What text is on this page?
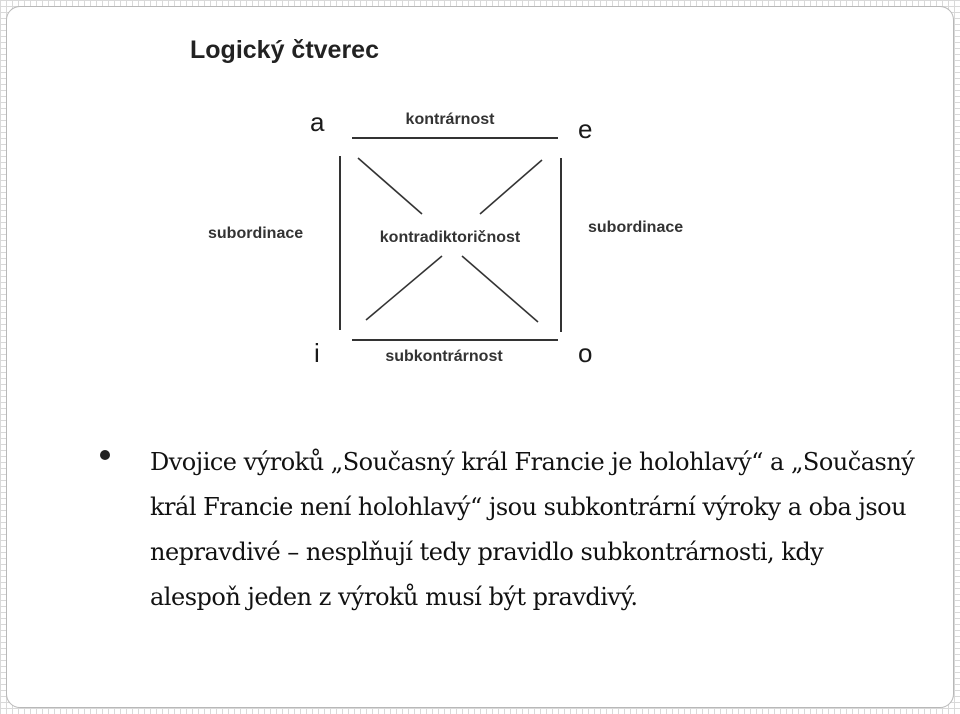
Logický čtverec
a	e
i	o
kontrárnost
subkontrárnost
subordinace	subordinace
kontradiktoričnost

Dvojice výroků „Současný král Francie je holohlavý“ a „Současný král Francie není holohlavý“ jsou subkontrární výroky a oba jsou nepravdivé – nesplňují tedy pravidlo subkontrárnosti, kdy alespoň jeden z výroků musí být pravdivý.
